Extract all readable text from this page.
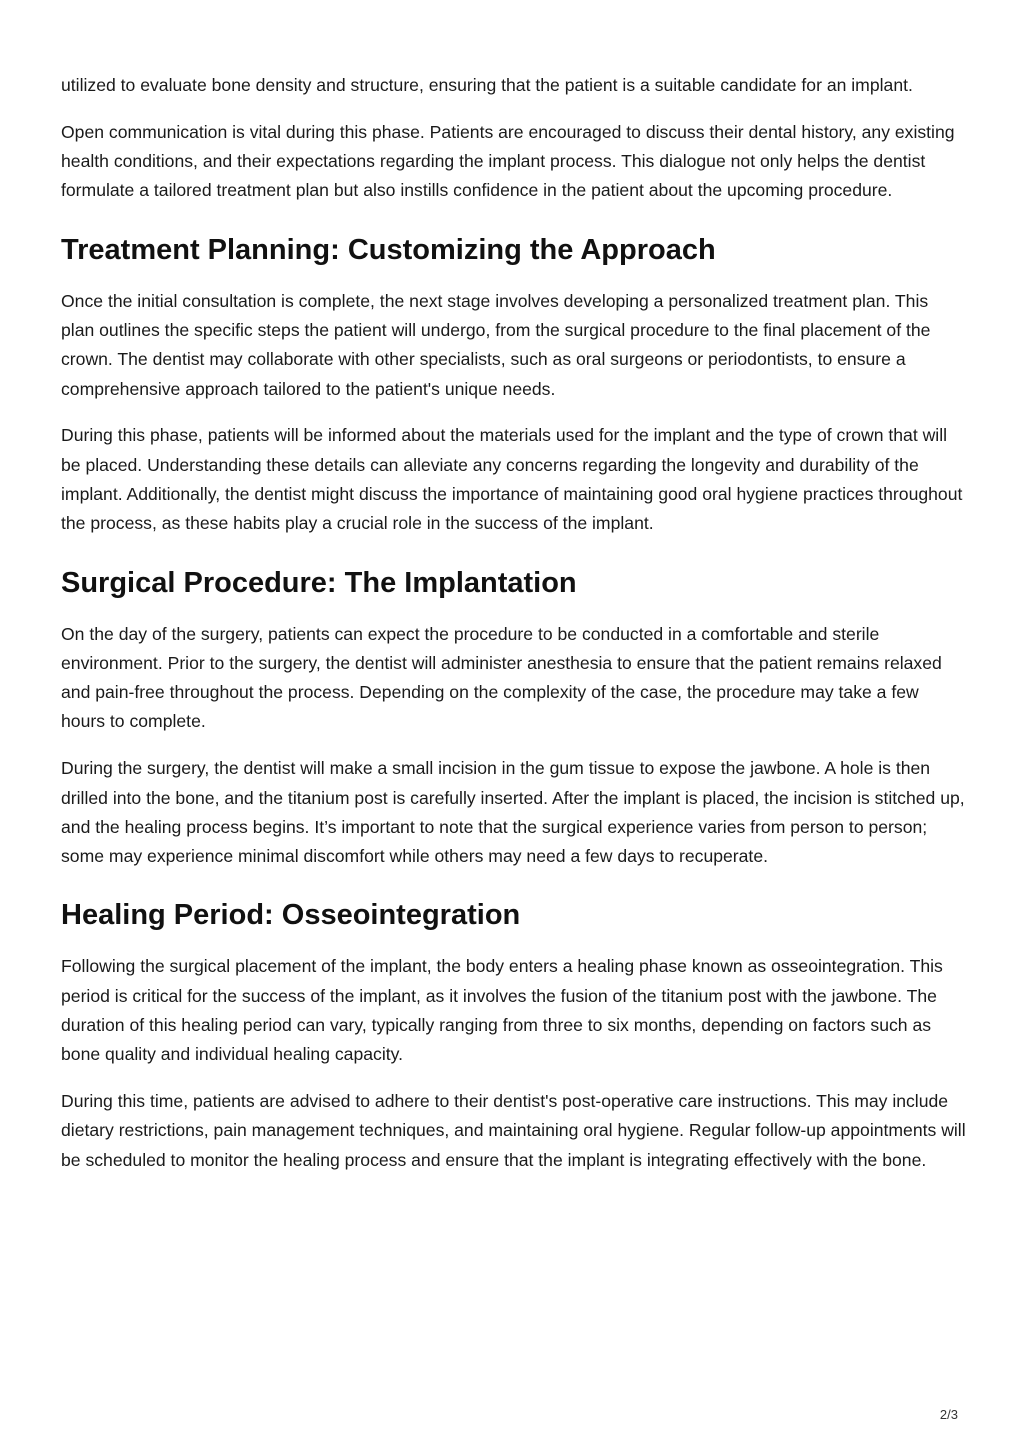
utilized to evaluate bone density and structure, ensuring that the patient is a suitable candidate for an implant.

Open communication is vital during this phase. Patients are encouraged to discuss their dental history, any existing health conditions, and their expectations regarding the implant process. This dialogue not only helps the dentist formulate a tailored treatment plan but also instills confidence in the patient about the upcoming procedure.

Treatment Planning: Customizing the Approach

Once the initial consultation is complete, the next stage involves developing a personalized treatment plan. This plan outlines the specific steps the patient will undergo, from the surgical procedure to the final placement of the crown. The dentist may collaborate with other specialists, such as oral surgeons or periodontists, to ensure a comprehensive approach tailored to the patient's unique needs.

During this phase, patients will be informed about the materials used for the implant and the type of crown that will be placed. Understanding these details can alleviate any concerns regarding the longevity and durability of the implant. Additionally, the dentist might discuss the importance of maintaining good oral hygiene practices throughout the process, as these habits play a crucial role in the success of the implant.

Surgical Procedure: The Implantation

On the day of the surgery, patients can expect the procedure to be conducted in a comfortable and sterile environment. Prior to the surgery, the dentist will administer anesthesia to ensure that the patient remains relaxed and pain-free throughout the process. Depending on the complexity of the case, the procedure may take a few hours to complete.

During the surgery, the dentist will make a small incision in the gum tissue to expose the jawbone. A hole is then drilled into the bone, and the titanium post is carefully inserted. After the implant is placed, the incision is stitched up, and the healing process begins. It’s important to note that the surgical experience varies from person to person; some may experience minimal discomfort while others may need a few days to recuperate.

Healing Period: Osseointegration

Following the surgical placement of the implant, the body enters a healing phase known as osseointegration. This period is critical for the success of the implant, as it involves the fusion of the titanium post with the jawbone. The duration of this healing period can vary, typically ranging from three to six months, depending on factors such as bone quality and individual healing capacity.

During this time, patients are advised to adhere to their dentist's post-operative care instructions. This may include dietary restrictions, pain management techniques, and maintaining oral hygiene. Regular follow-up appointments will be scheduled to monitor the healing process and ensure that the implant is integrating effectively with the bone.

2/3
